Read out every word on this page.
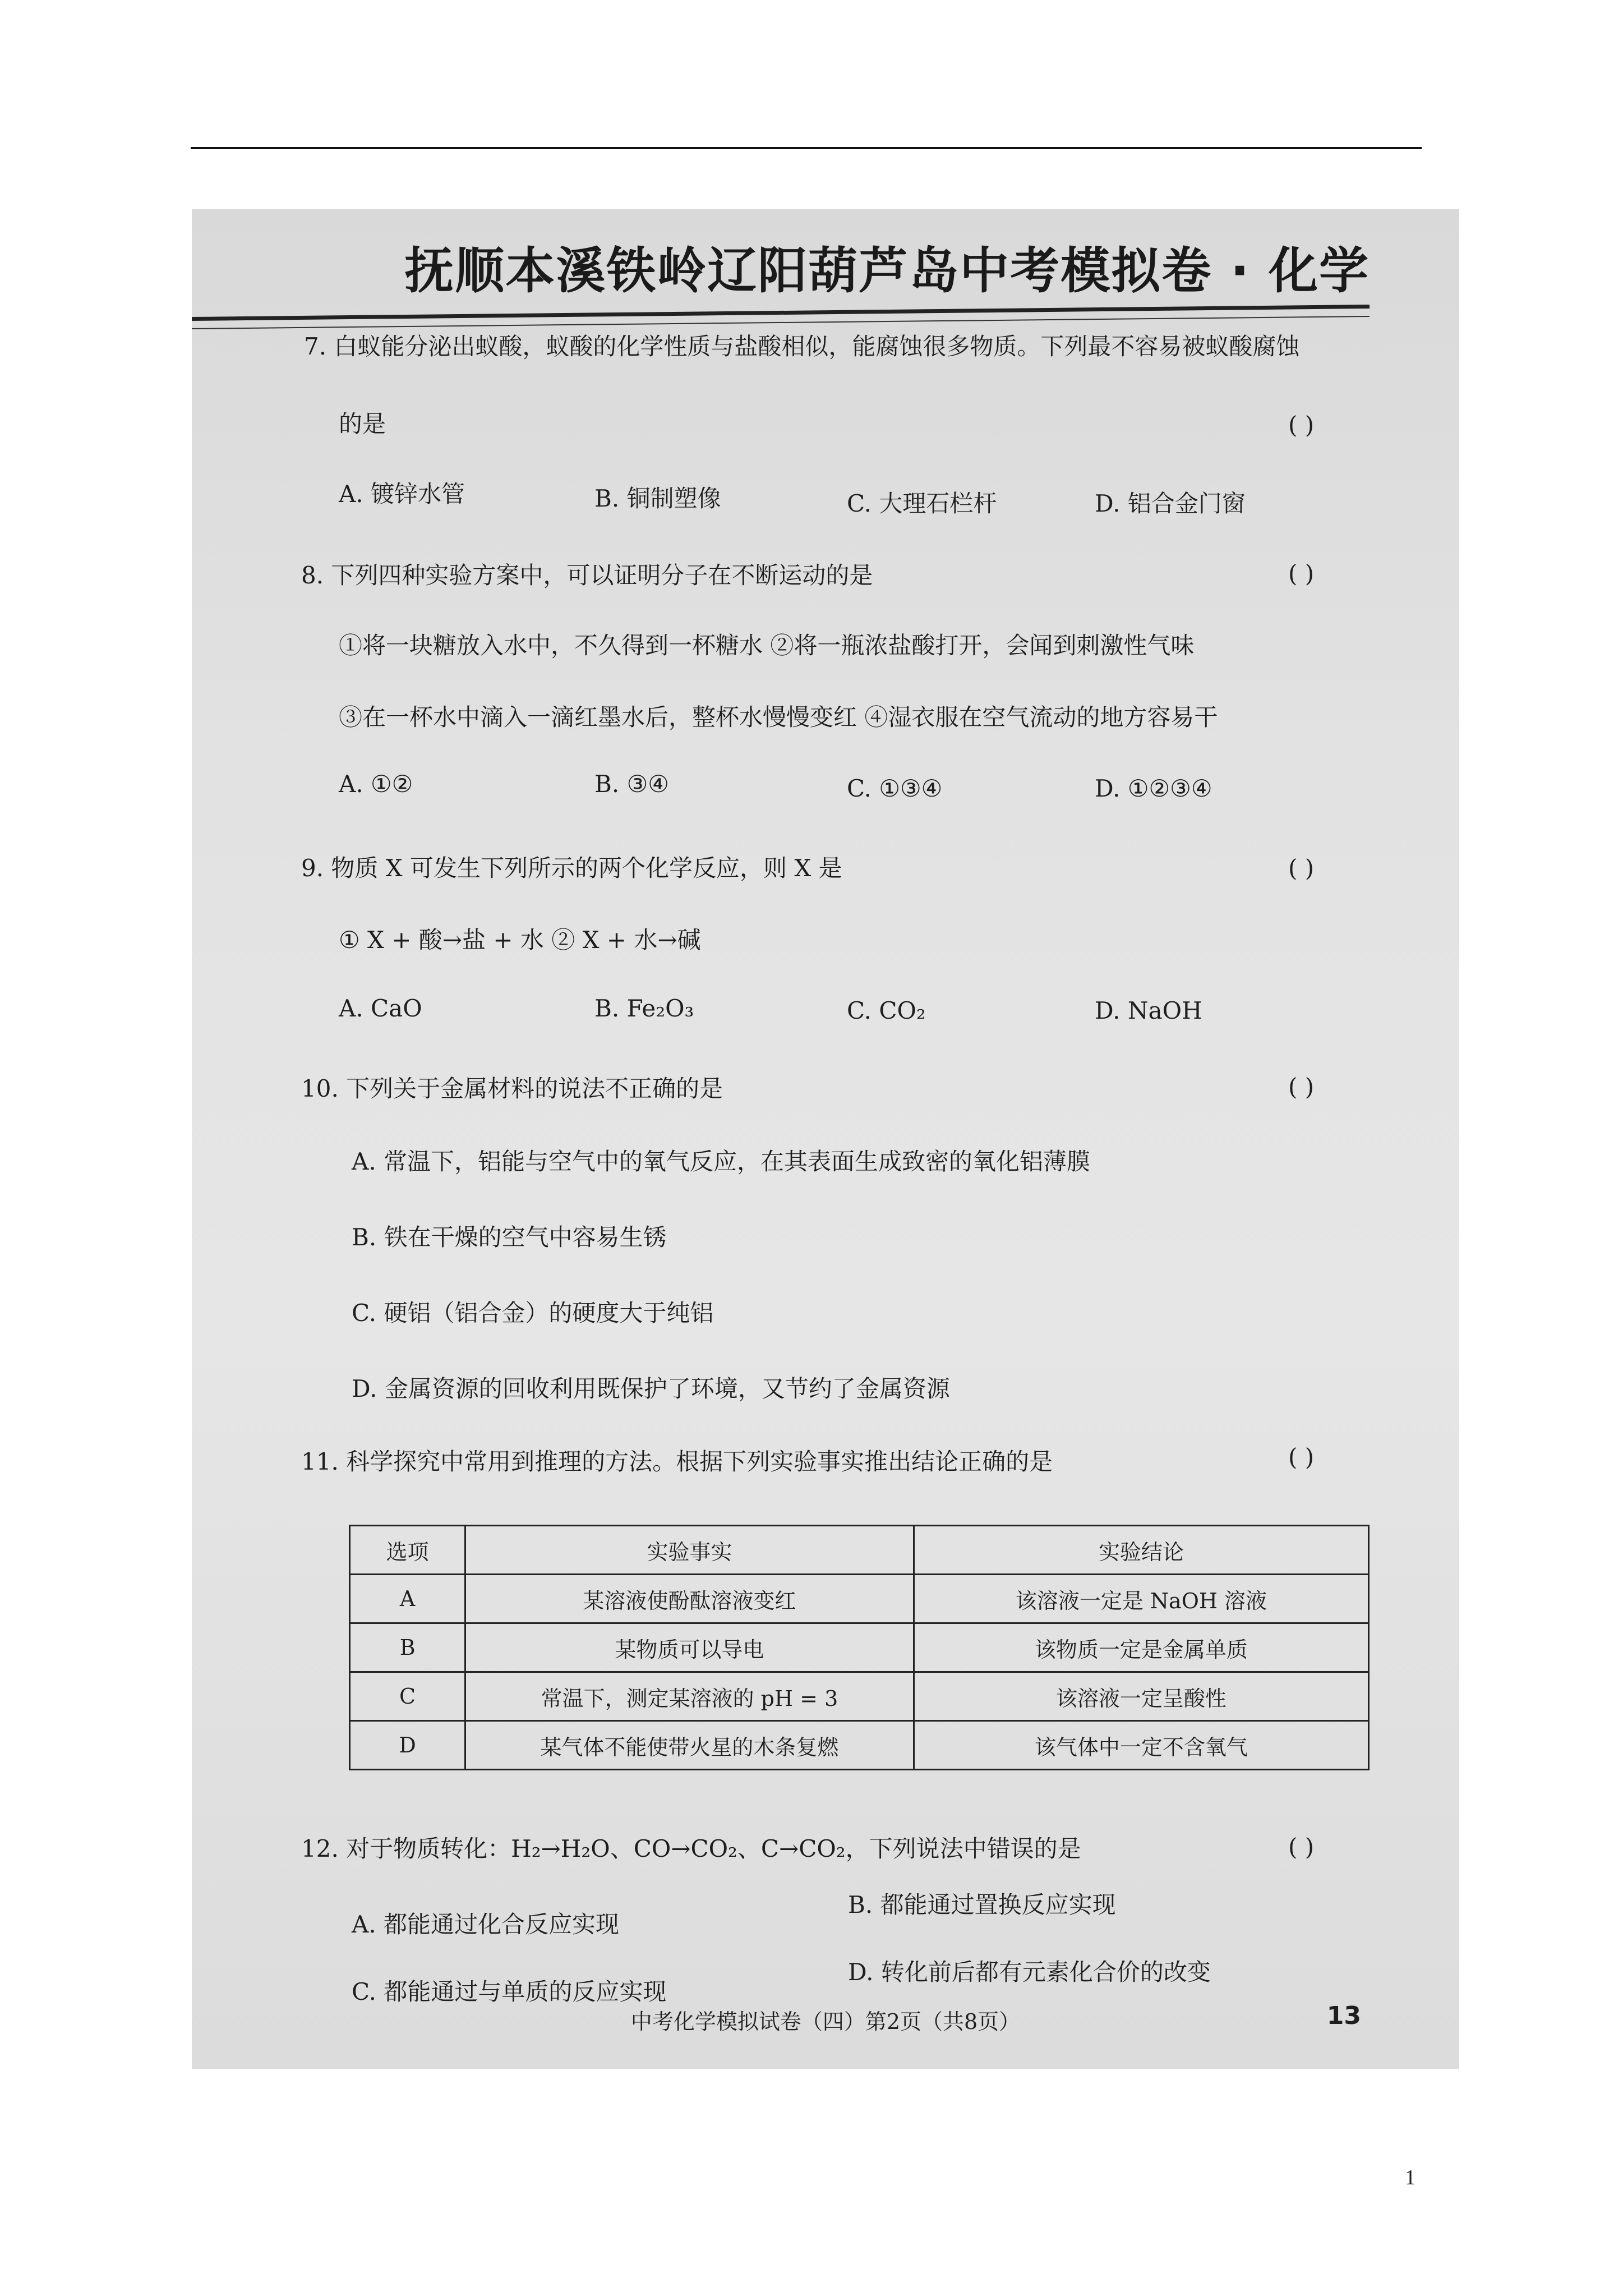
抚顺本溪铁岭辽阳葫芦岛中考模拟卷 · 化学
7. 白蚁能分泌出蚁酸，蚁酸的化学性质与盐酸相似，能腐蚀很多物质。下列最不容易被蚁酸腐蚀
的是	( )
A. 镀锌水管	B. 铜制塑像	C. 大理石栏杆	D. 铝合金门窗
8. 下列四种实验方案中，可以证明分子在不断运动的是	( )
①将一块糖放入水中，不久得到一杯糖水 ②将一瓶浓盐酸打开，会闻到刺激性气味
③在一杯水中滴入一滴红墨水后，整杯水慢慢变红 ④湿衣服在空气流动的地方容易干
A. ①②	B. ③④	C. ①③④	D. ①②③④
9. 物质 X 可发生下列所示的两个化学反应，则 X 是	( )
① X + 酸→盐 + 水 ② X + 水→碱
A. CaO	B. Fe₂O₃	C. CO₂	D. NaOH
10. 下列关于金属材料的说法不正确的是	( )
A. 常温下，铝能与空气中的氧气反应，在其表面生成致密的氧化铝薄膜
B. 铁在干燥的空气中容易生锈
C. 硬铝（铝合金）的硬度大于纯铝
D. 金属资源的回收利用既保护了环境，又节约了金属资源
11. 科学探究中常用到推理的方法。根据下列实验事实推出结论正确的是	( )
选项	实验事实	实验结论
A	某溶液使酚酞溶液变红	该溶液一定是 NaOH 溶液
B	某物质可以导电	该物质一定是金属单质
C	常温下，测定某溶液的 pH = 3	该溶液一定呈酸性
D	某气体不能使带火星的木条复燃	该气体中一定不含氧气
12. 对于物质转化：H₂→H₂O、CO→CO₂、C→CO₂，下列说法中错误的是	( )
A. 都能通过化合反应实现
B. 都能通过置换反应实现
C. 都能通过与单质的反应实现
D. 转化前后都有元素化合价的改变
中考化学模拟试卷（四）第2页（共8页）	13
1
